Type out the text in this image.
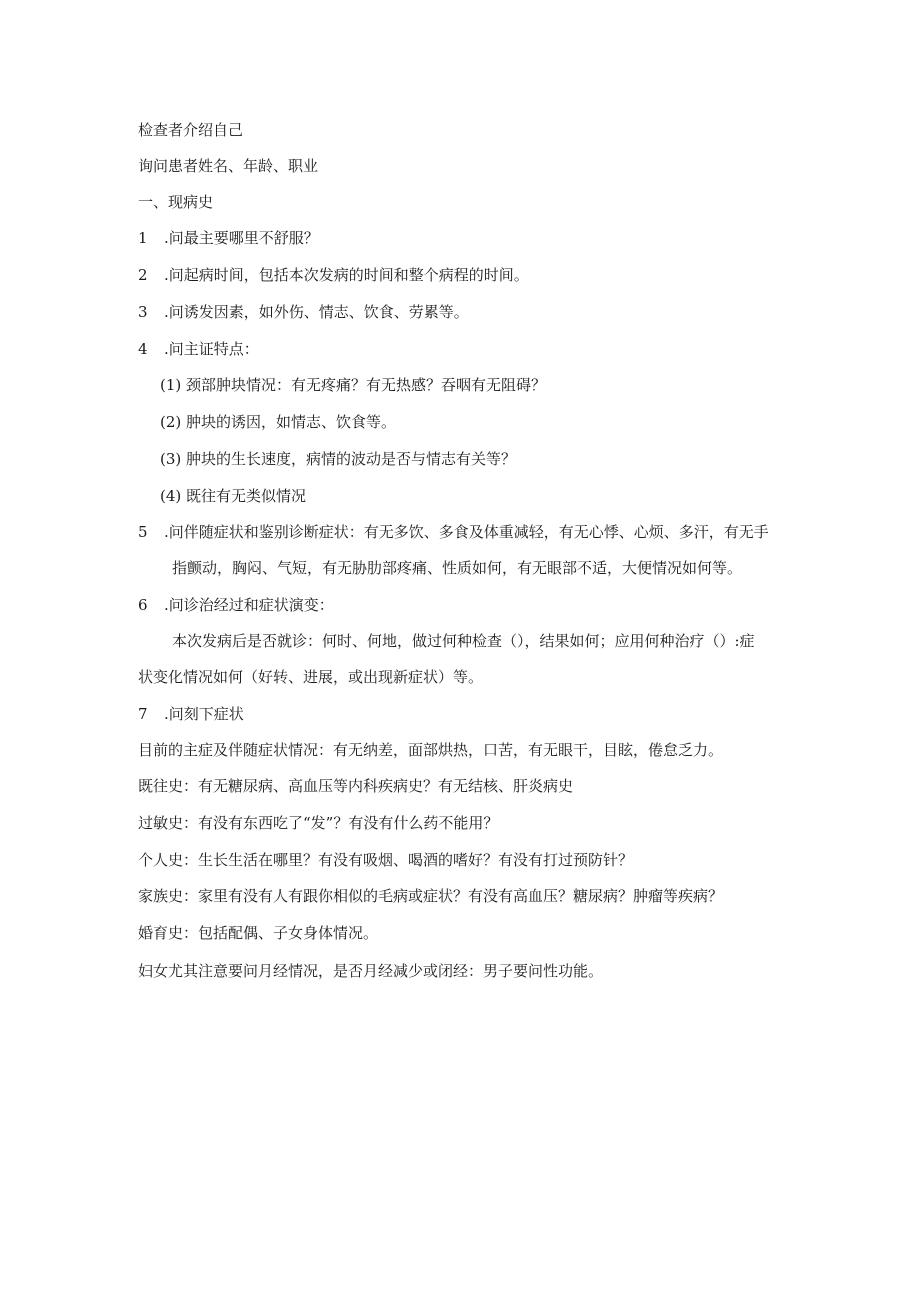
检查者介绍自己

询问患者姓名、年龄、职业

一、现病史

1 .问最主要哪里不舒服？

2 .问起病时间，包括本次发病的时间和整个病程的时间。

3 .问诱发因素，如外伤、情志、饮食、劳累等。

4 .问主证特点：

(1) 颈部肿块情况：有无疼痛？有无热感？吞咽有无阻碍？

(2) 肿块的诱因，如情志、饮食等。

(3) 肿块的生长速度，病情的波动是否与情志有关等？

(4) 既往有无类似情况

5 .问伴随症状和鉴别诊断症状：有无多饮、多食及体重减轻，有无心悸、心烦、多汗，有无手

指颤动，胸闷、气短，有无胁肋部疼痛、性质如何，有无眼部不适，大便情况如何等。

6 .问诊治经过和症状演变：

本次发病后是否就诊：何时、何地，做过何种检查（），结果如何；应用何种治疗（）:症

状变化情况如何（好转、进展，或出现新症状）等。

7 .问刻下症状

目前的主症及伴随症状情况：有无纳差，面部烘热，口苦，有无眼干，目眩，倦怠乏力。

既往史：有无糖尿病、高血压等内科疾病史？有无结核、肝炎病史

过敏史：有没有东西吃了“发”？有没有什么药不能用？

个人史：生长生活在哪里？有没有吸烟、喝酒的嗜好？有没有打过预防针？

家族史：家里有没有人有跟你相似的毛病或症状？有没有高血压？糖尿病？肿瘤等疾病？

婚育史：包括配偶、子女身体情况。

妇女尤其注意要问月经情况，是否月经减少或闭经：男子要问性功能。
